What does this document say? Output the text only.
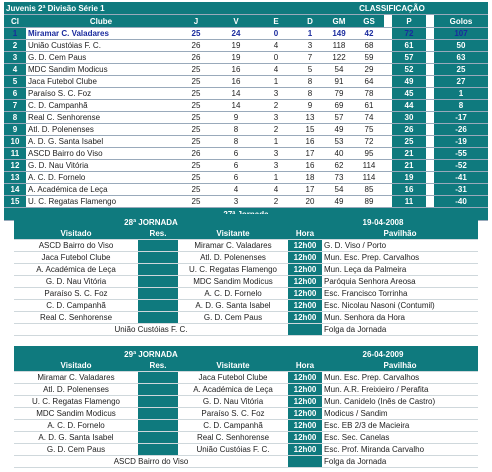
Juvenis 2ª Divisão Série 1					CLASSIFICAÇÃO						
Cl	Clube	J	V	E	D	GM	GS		P		Golos
1	Miramar C. Valadares	25	24	0	1	149	42		72		107
2	União Custóias F. C.	26	19	4	3	118	68		61		50
3	G. D. Cem Paus	26	19	0	7	122	59		57		63
4	MDC Sandim Modicus	25	16	4	5	54	29		52		25
5	Jaca Futebol Clube	25	16	1	8	91	64		49		27
6	Paraíso S. C. Foz	25	14	3	8	79	78		45		1
7	C. D. Campanhã	25	14	2	9	69	61		44		8
8	Real C. Senhorense	25	9	3	13	57	74		30		-17
9	Atl. D. Polenenses	25	8	2	15	49	75		26		-26
10	A. D. G. Santa Isabel	25	8	1	16	53	72		25		-19
11	ASCD Bairro do Viso	26	6	3	17	40	95		21		-55
12	G. D. Nau Vitória	25	6	3	16	62	114		21		-52
13	A. C. D. Fornelo	25	6	1	18	73	114		19		-41
14	A. Académica de Leça	25	4	4	17	54	85		16		-31
15	U. C. Regatas Flamengo	25	3	2	20	49	89		11		-40

28ª JORNADA	19-04-2008
Visitado	Res.	Visitante	Hora	Pavilhão
ASCD Bairro do Viso		Miramar C. Valadares	12h00	G. D. Viso / Porto
Jaca Futebol Clube		Atl. D. Polenenses	12h00	Mun. Esc. Prep. Carvalhos
A. Académica de Leça		U. C. Regatas Flamengo	12h00	Mun. Leça da Palmeira
G. D. Nau Vitória		MDC Sandim Modicus	12h00	Paróquia Senhora Areosa
Paraíso S. C. Foz		A. C. D. Fornelo	12h00	Esc. Francisco Torrinha
C. D. Campanhã		A. D. G. Santa Isabel	12h00	Esc. Nicolau Nasoni (Contumil)
Real C. Senhorense		G. D. Cem Paus	12h00	Mun. Senhora da Hora
União Custóias F. C.				Folga da Jornada
29ª JORNADA	26-04-2009
Visitado	Res.	Visitante	Hora	Pavilhão
Miramar C. Valadares		Jaca Futebol Clube	12h00	Mun. Esc. Prep. Carvalhos
Atl. D. Polenenses		A. Académica de Leça	12h00	Mun. A.R. Freixieiro / Perafita
U. C. Regatas Flamengo		G. D. Nau Vitória	12h00	Mun. Canidelo (Inês de Castro)
MDC Sandim Modicus		Paraíso S. C. Foz	12h00	Modicus / Sandim
A. C. D. Fornelo		C. D. Campanhã	12h00	Esc. EB 2/3 de Macieira
A. D. G. Santa Isabel		Real C. Senhorense	12h00	Esc. Sec. Canelas
G. D. Cem Paus		União Custóias F. C.	12h00	Esc. Prof. Miranda Carvalho
ASCD Bairro do Viso				Folga da Jornada
